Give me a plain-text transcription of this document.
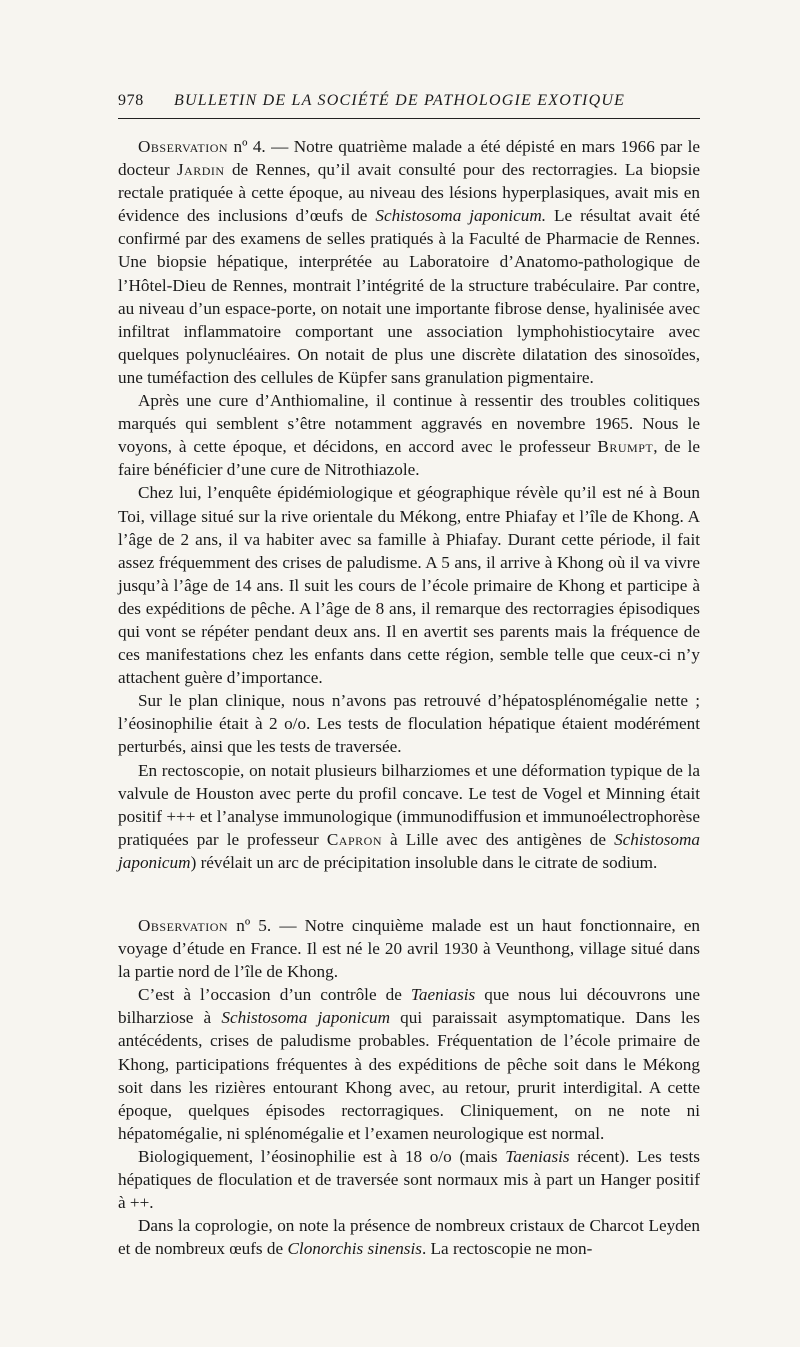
978	BULLETIN DE LA SOCIÉTÉ DE PATHOLOGIE EXOTIQUE

Observation nº 4. — Notre quatrième malade a été dépisté en mars 1966 par le docteur Jardin de Rennes, qu’il avait consulté pour des rectorragies. La biopsie rectale pratiquée à cette époque, au niveau des lésions hyperplasiques, avait mis en évidence des inclusions d’œufs de Schistosoma japonicum. Le résultat avait été confirmé par des examens de selles pratiqués à la Faculté de Pharmacie de Rennes. Une biopsie hépatique, interprétée au Laboratoire d’Anatomo-pathologique de l’Hôtel-Dieu de Rennes, montrait l’intégrité de la structure trabéculaire. Par contre, au niveau d’un espace-porte, on notait une importante fibrose dense, hyalinisée avec infiltrat inflammatoire comportant une association lymphohistiocytaire avec quelques polynucléaires. On notait de plus une discrète dilatation des sinosoïdes, une tuméfaction des cellules de Küpfer sans granulation pigmentaire.

Après une cure d’Anthiomaline, il continue à ressentir des troubles colitiques marqués qui semblent s’être notamment aggravés en novembre 1965. Nous le voyons, à cette époque, et décidons, en accord avec le professeur Brumpt, de le faire bénéficier d’une cure de Nitrothiazole.

Chez lui, l’enquête épidémiologique et géographique révèle qu’il est né à Boun Toi, village situé sur la rive orientale du Mékong, entre Phiafay et l’île de Khong. A l’âge de 2 ans, il va habiter avec sa famille à Phiafay. Durant cette période, il fait assez fréquemment des crises de paludisme. A 5 ans, il arrive à Khong où il va vivre jusqu’à l’âge de 14 ans. Il suit les cours de l’école primaire de Khong et participe à des expéditions de pêche. A l’âge de 8 ans, il remarque des rectorragies épisodiques qui vont se répéter pendant deux ans. Il en avertit ses parents mais la fréquence de ces manifestations chez les enfants dans cette région, semble telle que ceux-ci n’y attachent guère d’importance.

Sur le plan clinique, nous n’avons pas retrouvé d’hépatosplénomégalie nette ; l’éosinophilie était à 2 o/o. Les tests de floculation hépatique étaient modérément perturbés, ainsi que les tests de traversée.

En rectoscopie, on notait plusieurs bilharziomes et une déformation typique de la valvule de Houston avec perte du profil concave. Le test de Vogel et Minning était positif +++ et l’analyse immunologique (immunodiffusion et immunoélectrophorèse pratiquées par le professeur Capron à Lille avec des antigènes de Schistosoma japonicum) révélait un arc de précipitation insoluble dans le citrate de sodium.

Observation nº 5. — Notre cinquième malade est un haut fonctionnaire, en voyage d’étude en France. Il est né le 20 avril 1930 à Veunthong, village situé dans la partie nord de l’île de Khong.

C’est à l’occasion d’un contrôle de Taeniasis que nous lui découvrons une bilharziose à Schistosoma japonicum qui paraissait asymptomatique. Dans les antécédents, crises de paludisme probables. Fréquentation de l’école primaire de Khong, participations fréquentes à des expéditions de pêche soit dans le Mékong soit dans les rizières entourant Khong avec, au retour, prurit interdigital. A cette époque, quelques épisodes rectorragiques. Cliniquement, on ne note ni hépatomégalie, ni splénomégalie et l’examen neurologique est normal.

Biologiquement, l’éosinophilie est à 18 o/o (mais Taeniasis récent). Les tests hépatiques de floculation et de traversée sont normaux mis à part un Hanger positif à ++.

Dans la coprologie, on note la présence de nombreux cristaux de Charcot Leyden et de nombreux œufs de Clonorchis sinensis. La rectoscopie ne mon-
